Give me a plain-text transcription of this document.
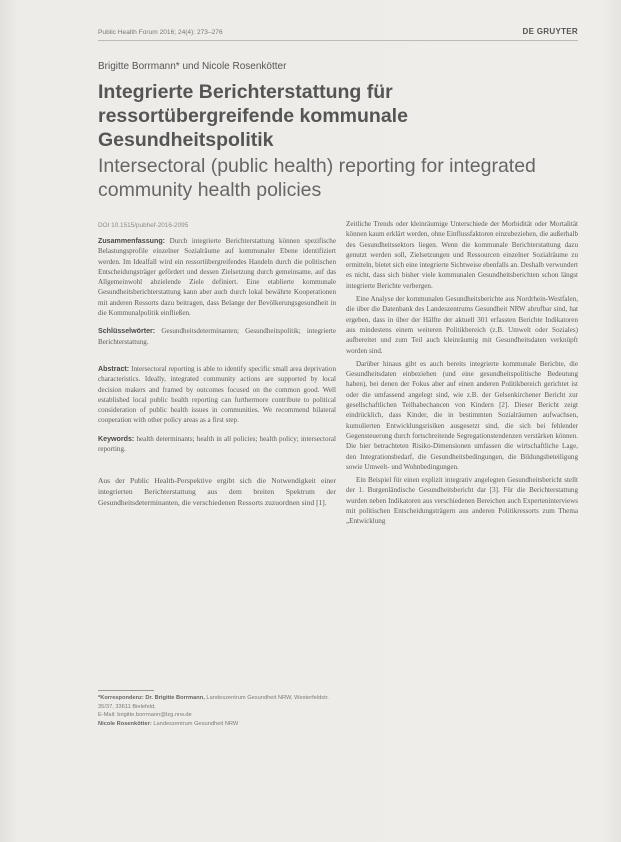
Public Health Forum 2016; 24(4): 273–276	DE GRUYTER
Brigitte Borrmann* und Nicole Rosenkötter
Integrierte Berichterstattung für ressortübergreifende kommunale Gesundheitspolitik
Intersectoral (public health) reporting for integrated community health policies
DOI 10.1515/pubhef-2016-2095

Zusammenfassung: Durch integrierte Berichterstattung können spezifische Belastungsprofile einzelner Sozialräume auf kommunaler Ebene identifiziert werden. Im Idealfall wird ein ressortübergreifendes Handeln durch die politischen Entscheidungsträger gefördert und dessen Zielsetzung durch gemeinsame, auf das Allgemeinwohl abzielende Ziele definiert. Eine etablierte kommunale Gesundheitsberichterstattung kann aber auch durch lokal bewährte Kooperationen mit anderen Ressorts dazu beitragen, dass Belange der Bevölkerungsgesundheit in die Kommunalpolitik einfließen.

Schlüsselwörter: Gesundheitsdeterminanten; Gesundheitspolitik; integrierte Berichterstattung.

Abstract: Intersectoral reporting is able to identify specific small area deprivation characteristics. Ideally, integrated community actions are supported by local decision makers and framed by outcomes focused on the common good. Well established local public health reporting can furthermore contribute to political consideration of public health issues in communities. We recommend bilateral cooperation with other policy areas as a first step.

Keywords: health determinants; health in all policies; health policy; intersectoral reporting.

Aus der Public Health-Perspektive ergibt sich die Notwendigkeit einer integrierten Berichterstattung aus dem breiten Spektrum der Gesundheitsdeterminanten, die verschiedenen Ressorts zuzuordnen sind [1].

*Korrespondenz: Dr. Brigitte Borrmann, Landeszentrum Gesundheit NRW, Westerfeldstr. 35/37, 33611 Bielefeld,
E-Mail: brigitte.borrmann@lzg.nrw.de
Nicole Rosenkötter: Landeszentrum Gesundheit NRW

Zeitliche Trends oder kleinräumige Unterschiede der Morbidität oder Mortalität können kaum erklärt werden, ohne Einflussfaktoren einzubeziehen, die außerhalb des Gesundheitssektors liegen. Wenn die kommunale Berichterstattung dazu genutzt werden soll, Zielsetzungen und Ressourcen einzelner Sozialräume zu ermitteln, bietet sich eine integrierte Sichtweise ebenfalls an. Deshalb verwundert es nicht, dass sich bisher viele kommunalen Gesundheitsberichten schon längst integrierte Berichte verbergen.

Eine Analyse der kommunalen Gesundheitsberichte aus Nordrhein-Westfalen, die über die Datenbank des Landeszentrums Gesundheit NRW abrufbar sind, hat ergeben, dass in über der Hälfte der aktuell 301 erfassten Berichte Indikatoren aus mindestens einem weiteren Politikbereich (z.B. Umwelt oder Soziales) aufbereitet und zum Teil auch kleinräumig mit Gesundheitsdaten verknüpft worden sind.

Darüber hinaus gibt es auch bereits integrierte kommunale Berichte, die Gesundheitsdaten einbeziehen (und eine gesundheitspolitische Bedeutung haben), bei denen der Fokus aber auf einen anderen Politikbereich gerichtet ist oder die umfassend angelegt sind, wie z.B. der Gelsenkirchener Bericht zur gesellschaftlichen Teilhabechancen von Kindern [2]. Dieser Bericht zeigt eindrücklich, dass Kinder, die in bestimmten Sozialräumen aufwachsen, kumulierten Entwicklungsrisiken ausgesetzt sind, die sich bei fehlender Gegensteuerung durch fortschreitende Segregationstendenzen verstärken können. Die hier betrachteten Risiko-Dimensionen umfassen die wirtschaftliche Lage, den Integrationsbedarf, die Gesundheitsbedingungen, die Bildungsbeteiligung sowie Umwelt- und Wohnbedingungen.

Ein Beispiel für einen explizit integrativ angelegten Gesundheitsbericht stellt der 1. Burgenländische Gesundheitsbericht dar [3]. Für die Berichterstattung wurden neben Indikatoren aus verschiedenen Bereichen auch Experteninterviews mit politischen Entscheidungsträgern aus anderen Politikressorts zum Thema „Entwicklung
